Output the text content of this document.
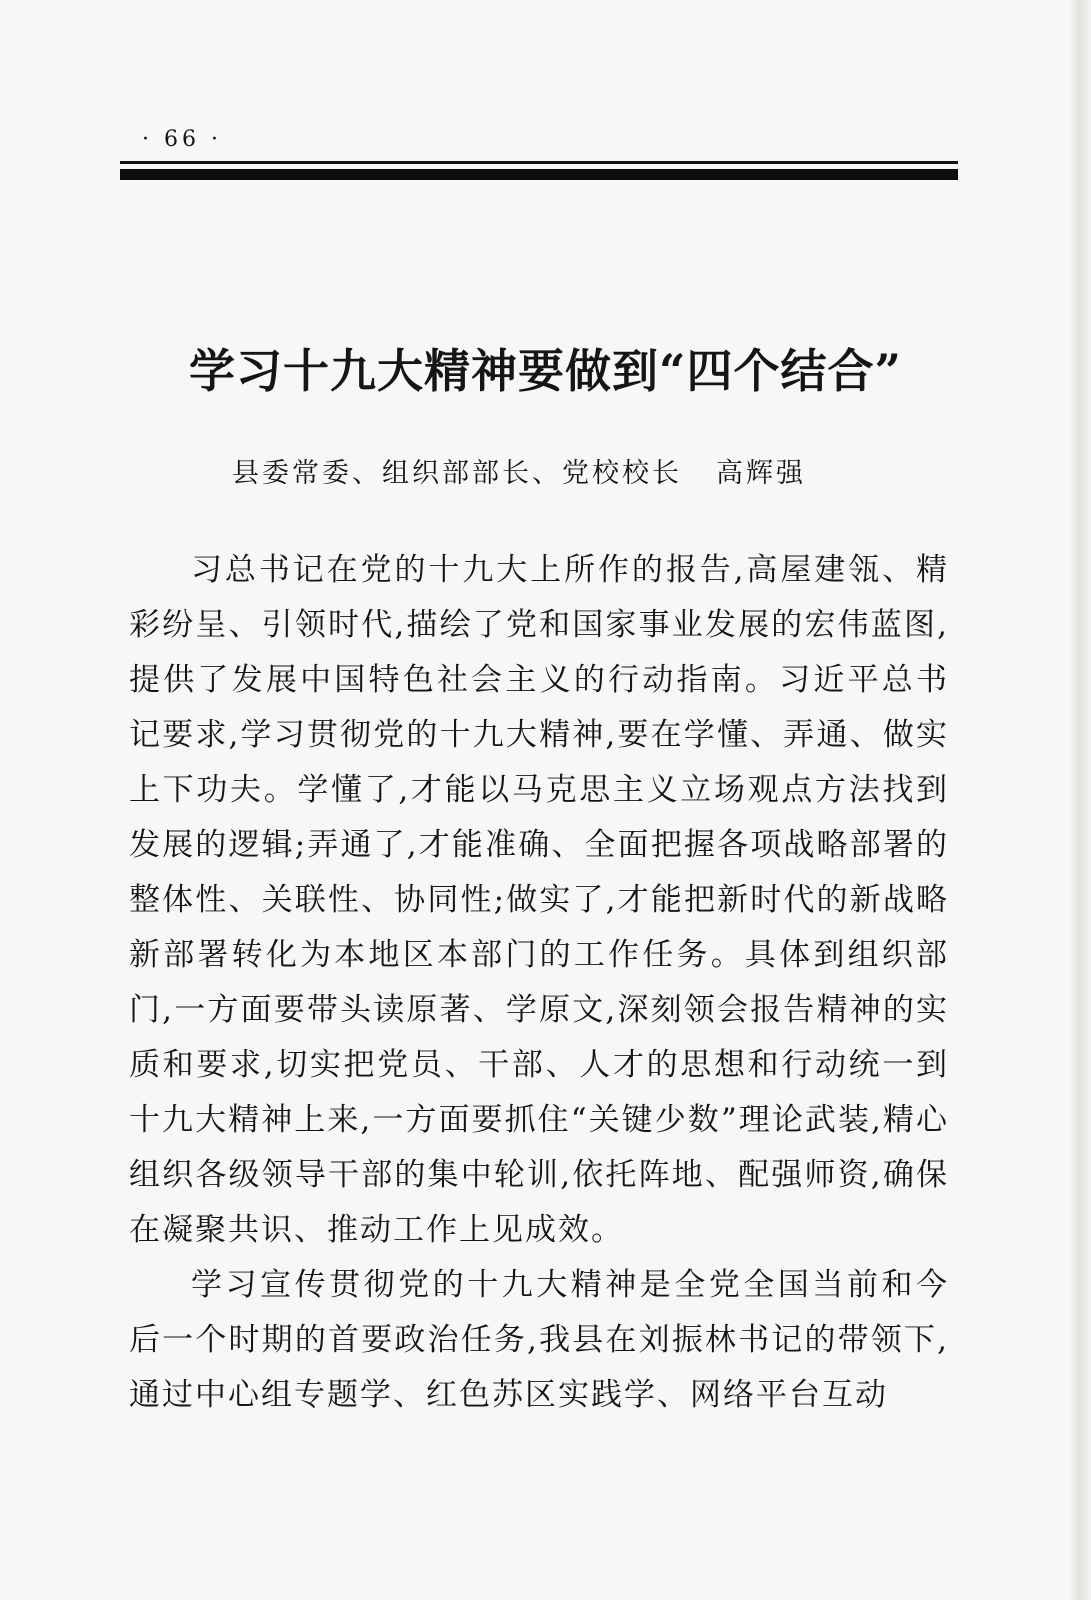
· 66 ·
学习十九大精神要做到“四个结合”
县委常委、组织部部长、党校校长 高辉强

习总书记在党的十九大上所作的报告,高屋建瓴、精彩纷呈、引领时代,描绘了党和国家事业发展的宏伟蓝图,提供了发展中国特色社会主义的行动指南。习近平总书记要求,学习贯彻党的十九大精神,要在学懂、弄通、做实上下功夫。学懂了,才能以马克思主义立场观点方法找到发展的逻辑;弄通了,才能准确、全面把握各项战略部署的整体性、关联性、协同性;做实了,才能把新时代的新战略新部署转化为本地区本部门的工作任务。具体到组织部门,一方面要带头读原著、学原文,深刻领会报告精神的实质和要求,切实把党员、干部、人才的思想和行动统一到十九大精神上来,一方面要抓住“关键少数”理论武装,精心组织各级领导干部的集中轮训,依托阵地、配强师资,确保在凝聚共识、推动工作上见成效。

学习宣传贯彻党的十九大精神是全党全国当前和今后一个时期的首要政治任务,我县在刘振林书记的带领下,通过中心组专题学、红色苏区实践学、网络平台互动
